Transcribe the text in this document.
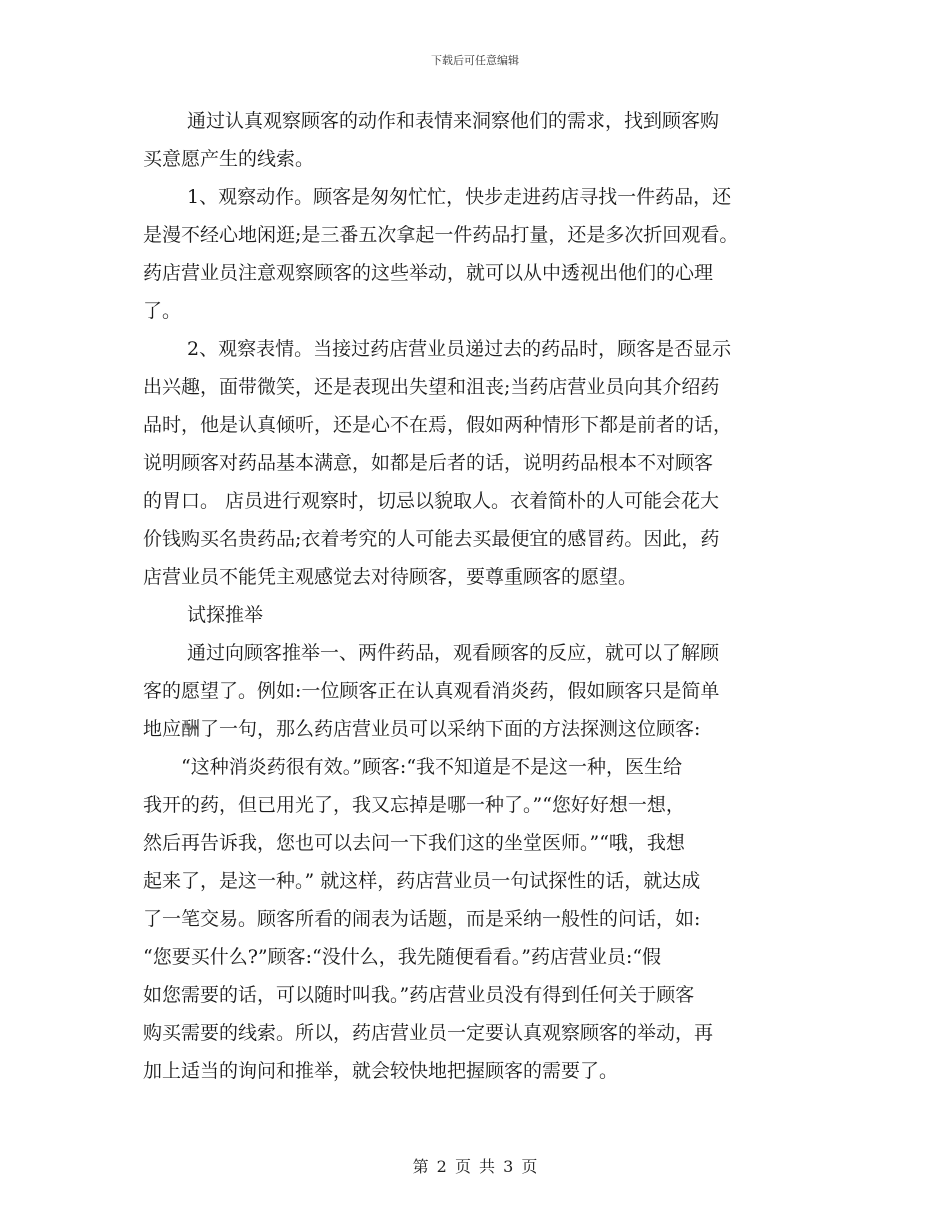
下载后可任意编辑
通过认真观察顾客的动作和表情来洞察他们的需求，找到顾客购
买意愿产生的线索。
1、观察动作。顾客是匆匆忙忙，快步走进药店寻找一件药品，还
是漫不经心地闲逛;是三番五次拿起一件药品打量，还是多次折回观看。
药店营业员注意观察顾客的这些举动，就可以从中透视出他们的心理
了。
2、观察表情。当接过药店营业员递过去的药品时，顾客是否显示
出兴趣，面带微笑，还是表现出失望和沮丧;当药店营业员向其介绍药
品时，他是认真倾听，还是心不在焉，假如两种情形下都是前者的话，
说明顾客对药品基本满意，如都是后者的话，说明药品根本不对顾客
的胃口。 店员进行观察时，切忌以貌取人。衣着简朴的人可能会花大
价钱购买名贵药品;衣着考究的人可能去买最便宜的感冒药。因此，药
店营业员不能凭主观感觉去对待顾客，要尊重顾客的愿望。
试探推举
通过向顾客推举一、两件药品，观看顾客的反应，就可以了解顾
客的愿望了。例如:一位顾客正在认真观看消炎药，假如顾客只是简单
地应酬了一句，那么药店营业员可以采纳下面的方法探测这位顾客:
“这种消炎药很有效。”顾客:“我不知道是不是这一种，医生给
我开的药，但已用光了，我又忘掉是哪一种了。”“您好好想一想，
然后再告诉我，您也可以去问一下我们这的坐堂医师。”“哦，我想
起来了，是这一种。” 就这样，药店营业员一句试探性的话，就达成
了一笔交易。顾客所看的闹表为话题，而是采纳一般性的问话，如:
“您要买什么?”顾客:“没什么，我先随便看看。”药店营业员:“假
如您需要的话，可以随时叫我。”药店营业员没有得到任何关于顾客
购买需要的线索。所以，药店营业员一定要认真观察顾客的举动，再
加上适当的询问和推举，就会较快地把握顾客的需要了。
第 2 页 共 3 页
